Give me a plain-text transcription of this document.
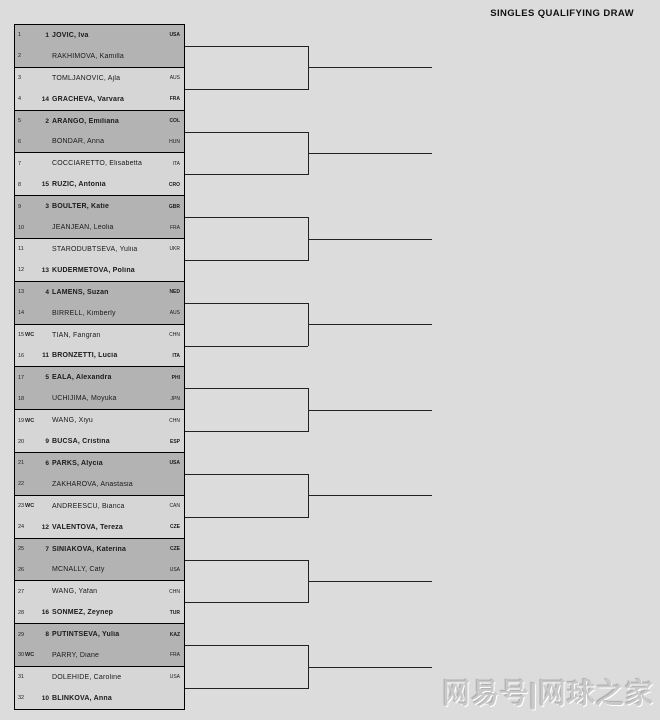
SINGLES QUALIFYING DRAW
1	1 JOVIC, Iva	USA
2	RAKHIMOVA, Kamilla
3	TOMLJANOVIC, Ajla	AUS
4	14 GRACHEVA, Varvara	FRA
5	2 ARANGO, Emiliana	COL
6	BONDAR, Anna	HUN
7	COCCIARETTO, Elisabetta	ITA
8	15 RUZIC, Antonia	CRO
9	3 BOULTER, Katie	GBR
10	JEANJEAN, Leolia	FRA
11	STARODUBTSEVA, Yuliia	UKR
12	13 KUDERMETOVA, Polina
13	4 LAMENS, Suzan	NED
14	BIRRELL, Kimberly	AUS
15 WC	TIAN, Fangran	CHN
16	11 BRONZETTI, Lucia	ITA
17	5 EALA, Alexandra	PHI
18	UCHIJIMA, Moyuka	JPN
19 WC	WANG, Xiyu	CHN
20	9 BUCSA, Cristina	ESP
21	6 PARKS, Alycia	USA
22	ZAKHAROVA, Anastasia
23 WC	ANDREESCU, Bianca	CAN
24	12 VALENTOVA, Tereza	CZE
25	7 SINIAKOVA, Katerina	CZE
26	MCNALLY, Caty	USA
27	WANG, Yafan	CHN
28	16 SONMEZ, Zeynep	TUR
29	8 PUTINTSEVA, Yulia	KAZ
30 WC	PARRY, Diane	FRA
31	DOLEHIDE, Caroline	USA
32	10 BLINKOVA, Anna	网易号|网球之家
